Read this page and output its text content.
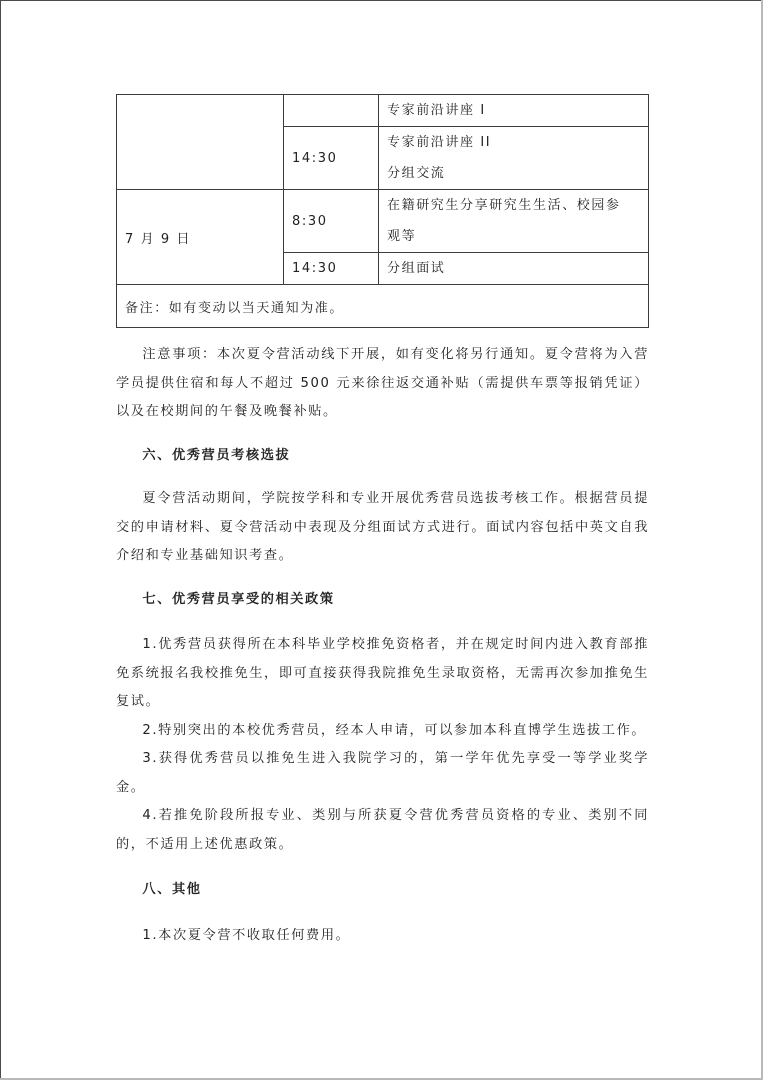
		专家前沿讲座 I

	14:30	专家前沿讲座 II
分组交流

7 月 9 日	8:30	在籍研究生分享研究生生活、校园参
观等

	14:30	分组面试

备注：如有变动以当天通知为准。		

注意事项：本次夏令营活动线下开展，如有变化将另行通知。夏令营将为入营学员提供住宿和每人不超过 500 元来徐往返交通补贴（需提供车票等报销凭证）以及在校期间的午餐及晚餐补贴。

六、优秀营员考核选拔

夏令营活动期间，学院按学科和专业开展优秀营员选拔考核工作。根据营员提交的申请材料、夏令营活动中表现及分组面试方式进行。面试内容包括中英文自我介绍和专业基础知识考查。

七、优秀营员享受的相关政策

1.优秀营员获得所在本科毕业学校推免资格者，并在规定时间内进入教育部推免系统报名我校推免生，即可直接获得我院推免生录取资格，无需再次参加推免生复试。

2.特别突出的本校优秀营员，经本人申请，可以参加本科直博学生选拔工作。

3.获得优秀营员以推免生进入我院学习的，第一学年优先享受一等学业奖学金。

4.若推免阶段所报专业、类别与所获夏令营优秀营员资格的专业、类别不同的，不适用上述优惠政策。

八、其他

1.本次夏令营不收取任何费用。
